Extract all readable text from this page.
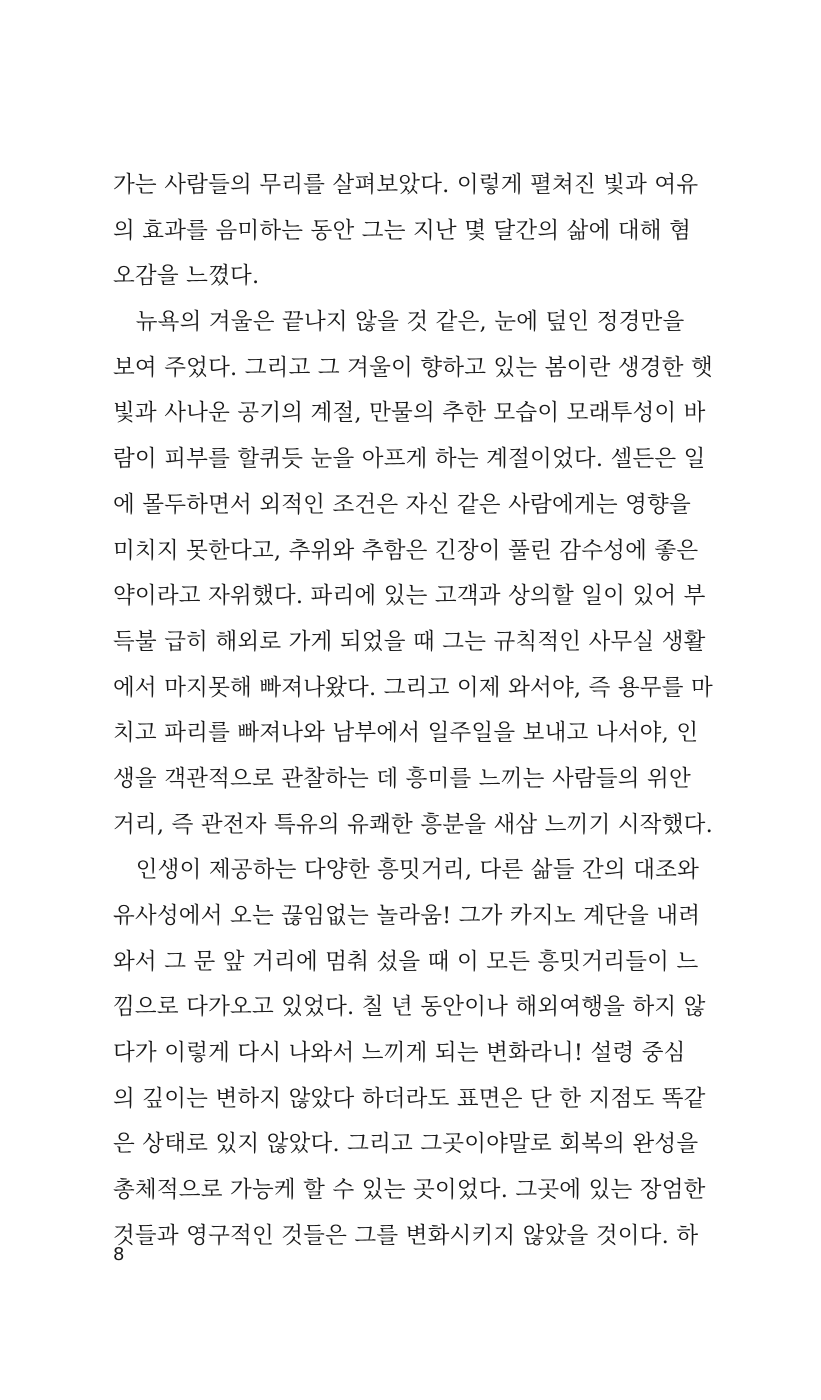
가는 사람들의 무리를 살펴보았다. 이렇게 펼쳐진 빛과 여유
의 효과를 음미하는 동안 그는 지난 몇 달간의 삶에 대해 혐
오감을 느꼈다.
　뉴욕의 겨울은 끝나지 않을 것 같은, 눈에 덮인 정경만을
보여 주었다. 그리고 그 겨울이 향하고 있는 봄이란 생경한 햇
빛과 사나운 공기의 계절, 만물의 추한 모습이 모래투성이 바
람이 피부를 할퀴듯 눈을 아프게 하는 계절이었다. 셀든은 일
에 몰두하면서 외적인 조건은 자신 같은 사람에게는 영향을
미치지 못한다고, 추위와 추함은 긴장이 풀린 감수성에 좋은
약이라고 자위했다. 파리에 있는 고객과 상의할 일이 있어 부
득불 급히 해외로 가게 되었을 때 그는 규칙적인 사무실 생활
에서 마지못해 빠져나왔다. 그리고 이제 와서야, 즉 용무를 마
치고 파리를 빠져나와 남부에서 일주일을 보내고 나서야, 인
생을 객관적으로 관찰하는 데 흥미를 느끼는 사람들의 위안
거리, 즉 관전자 특유의 유쾌한 흥분을 새삼 느끼기 시작했다.
　인생이 제공하는 다양한 흥밋거리, 다른 삶들 간의 대조와
유사성에서 오는 끊임없는 놀라움! 그가 카지노 계단을 내려
와서 그 문 앞 거리에 멈춰 섰을 때 이 모든 흥밋거리들이 느
낌으로 다가오고 있었다. 칠 년 동안이나 해외여행을 하지 않
다가 이렇게 다시 나와서 느끼게 되는 변화라니! 설령 중심
의 깊이는 변하지 않았다 하더라도 표면은 단 한 지점도 똑같
은 상태로 있지 않았다. 그리고 그곳이야말로 회복의 완성을
총체적으로 가능케 할 수 있는 곳이었다. 그곳에 있는 장엄한
것들과 영구적인 것들은 그를 변화시키지 않았을 것이다. 하
8
